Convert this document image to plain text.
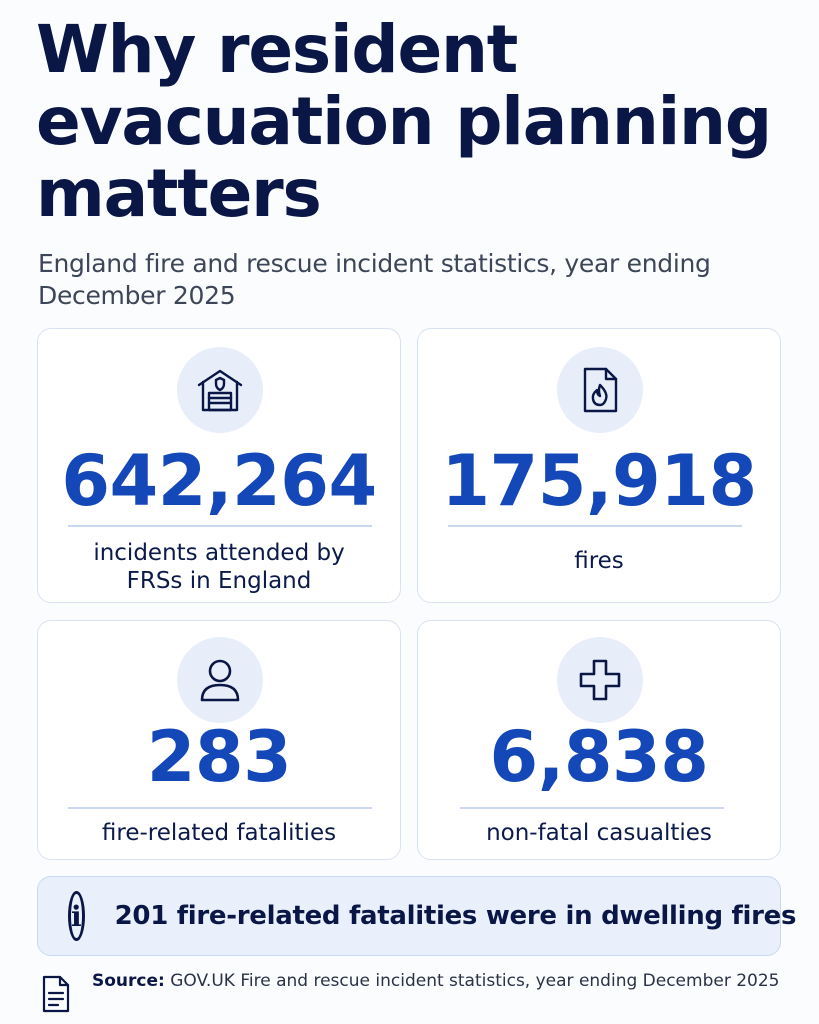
Why resident evacuation planning matters

England fire and rescue incident statistics, year ending December 2025

642,264
incidents attended by FRSs in England
175,918
fires
283
fire-related fatalities
6,838
non-fatal casualties
i 201 fire-related fatalities were in dwelling fires
Source: GOV.UK Fire and rescue incident statistics, year ending December 2025
